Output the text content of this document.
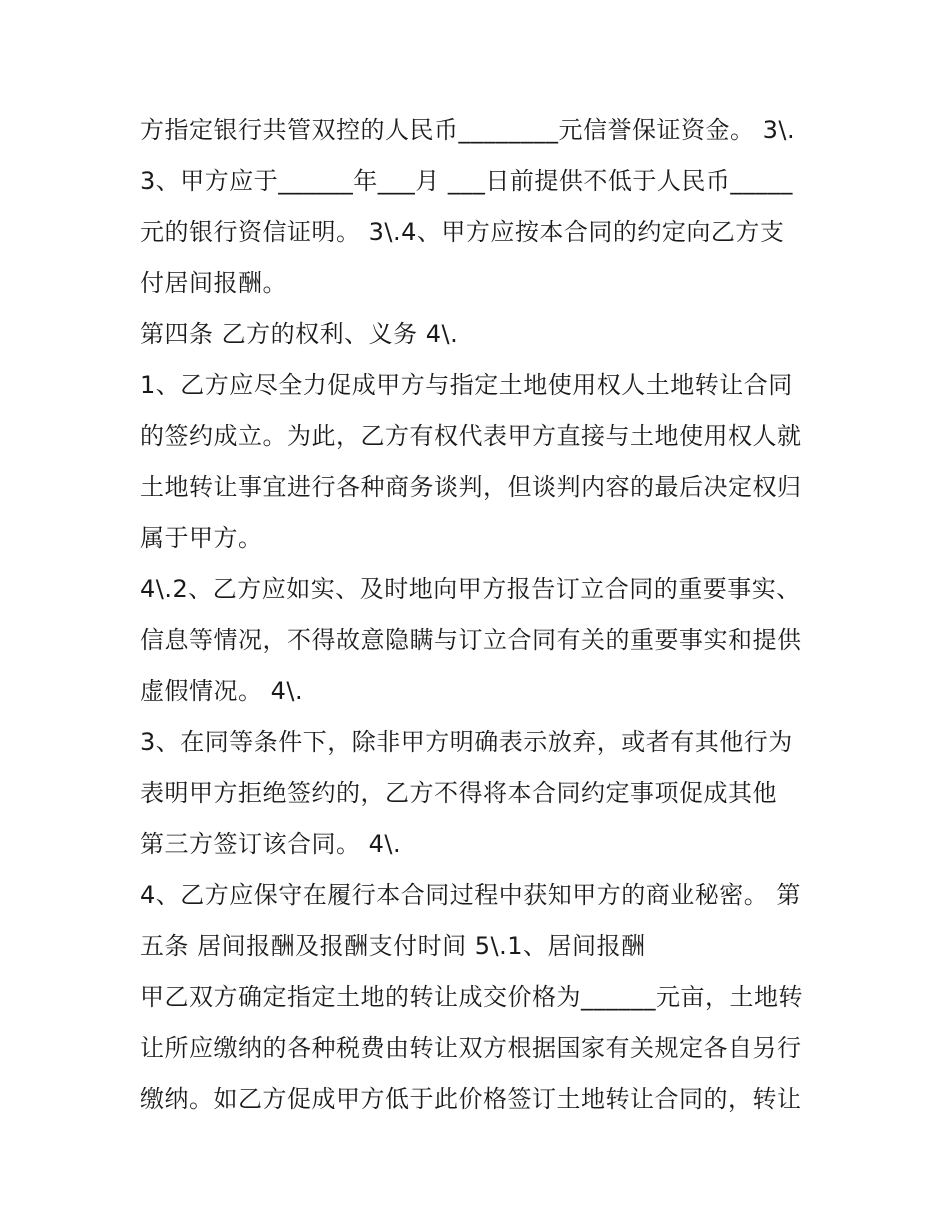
方指定银行共管双控的人民币________元信誉保证资金。 3\.
3、甲方应于______年___月 ___日前提供不低于人民币_____
元的银行资信证明。 3\.4、甲方应按本合同的约定向乙方支
付居间报酬。
第四条 乙方的权利、义务 4\.
1、乙方应尽全力促成甲方与指定土地使用权人土地转让合同
的签约成立。为此，乙方有权代表甲方直接与土地使用权人就
土地转让事宜进行各种商务谈判，但谈判内容的最后决定权归
属于甲方。
4\.2、乙方应如实、及时地向甲方报告订立合同的重要事实、
信息等情况，不得故意隐瞒与订立合同有关的重要事实和提供
虚假情况。 4\.
3、在同等条件下，除非甲方明确表示放弃，或者有其他行为
表明甲方拒绝签约的，乙方不得将本合同约定事项促成其他
第三方签订该合同。 4\.
4、乙方应保守在履行本合同过程中获知甲方的商业秘密。 第
五条 居间报酬及报酬支付时间 5\.1、居间报酬
甲乙双方确定指定土地的转让成交价格为______元亩，土地转
让所应缴纳的各种税费由转让双方根据国家有关规定各自另行
缴纳。如乙方促成甲方低于此价格签订土地转让合同的，转让
